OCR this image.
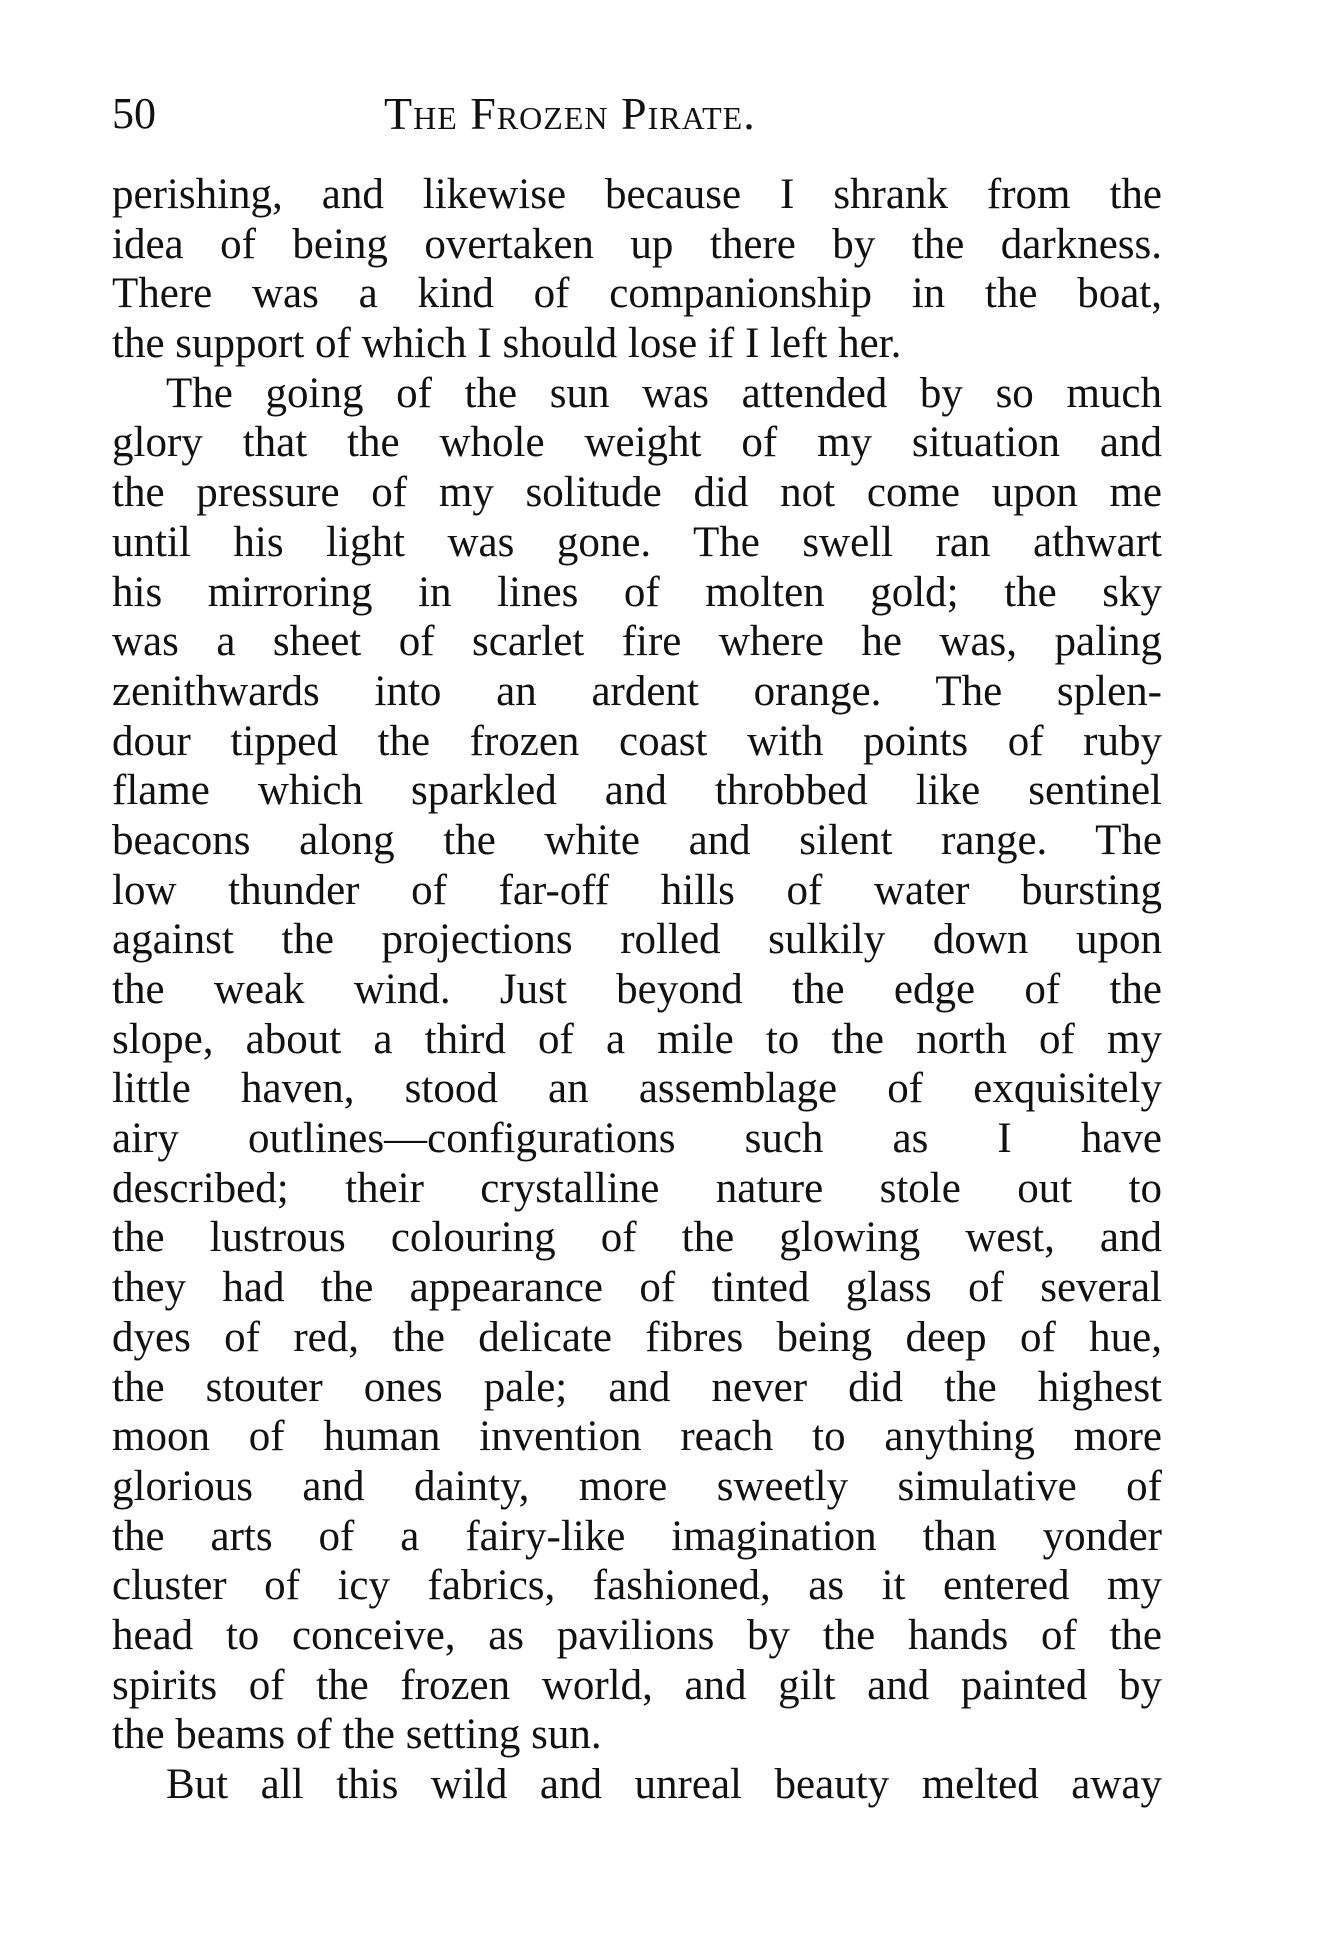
50	The Frozen Pirate.
perishing, and likewise because I shrank from the
idea of being overtaken up there by the darkness.
There was a kind of companionship in the boat,
the support of which I should lose if I left her.
The going of the sun was attended by so much
glory that the whole weight of my situation and
the pressure of my solitude did not come upon me
until his light was gone. The swell ran athwart
his mirroring in lines of molten gold; the sky
was a sheet of scarlet fire where he was, paling
zenithwards into an ardent orange. The splen-
dour tipped the frozen coast with points of ruby
flame which sparkled and throbbed like sentinel
beacons along the white and silent range. The
low thunder of far-off hills of water bursting
against the projections rolled sulkily down upon
the weak wind. Just beyond the edge of the
slope, about a third of a mile to the north of my
little haven, stood an assemblage of exquisitely
airy outlines—configurations such as I have
described; their crystalline nature stole out to
the lustrous colouring of the glowing west, and
they had the appearance of tinted glass of several
dyes of red, the delicate fibres being deep of hue,
the stouter ones pale; and never did the highest
moon of human invention reach to anything more
glorious and dainty, more sweetly simulative of
the arts of a fairy-like imagination than yonder
cluster of icy fabrics, fashioned, as it entered my
head to conceive, as pavilions by the hands of the
spirits of the frozen world, and gilt and painted by
the beams of the setting sun.
But all this wild and unreal beauty melted away
